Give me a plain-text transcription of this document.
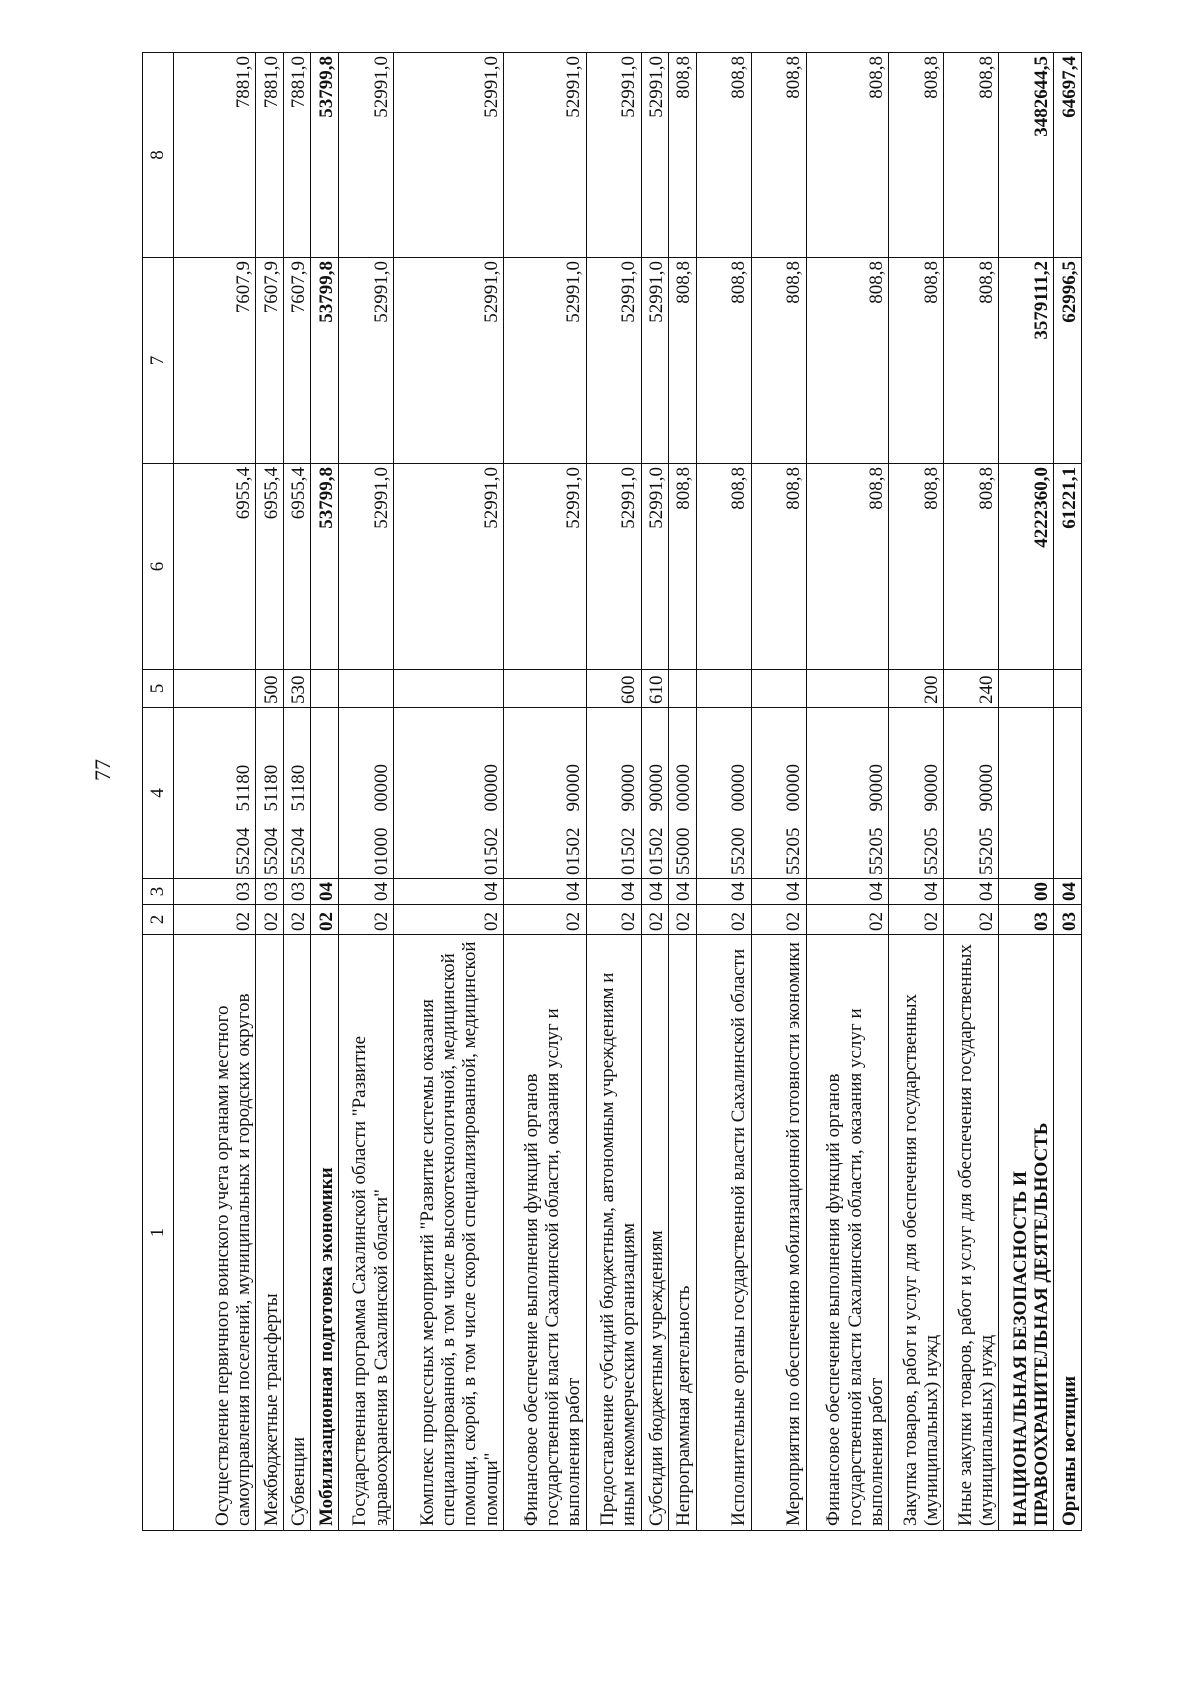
77
1	2	3	4	5	6	7	8
Осуществление первичного воинского учета органами местного самоуправления поселений, муниципальных и городских округов	02	03	5520451180		6955,4	7607,9	7881,0
Межбюджетные трансферты	02	03	5520451180	500	6955,4	7607,9	7881,0
Субвенции	02	03	5520451180	530	6955,4	7607,9	7881,0
Мобилизационная подготовка экономики	02	04			53799,8	53799,8	53799,8
Государственная программа Сахалинской области "Развитие здравоохранения в Сахалинской области"	02	04	0100000000		52991,0	52991,0	52991,0
Комплекс процессных мероприятий "Развитие системы оказания специализированной, в том числе высокотехнологичной, медицинской помощи, скорой, в том числе скорой специализированной, медицинской помощи"	02	04	0150200000		52991,0	52991,0	52991,0
Финансовое обеспечение выполнения функций органов государственной власти Сахалинской области, оказания услуг и выполнения работ	02	04	0150290000		52991,0	52991,0	52991,0
Предоставление субсидий бюджетным, автономным учреждениям и иным некоммерческим организациям	02	04	0150290000	600	52991,0	52991,0	52991,0
Субсидии бюджетным учреждениям	02	04	0150290000	610	52991,0	52991,0	52991,0
Непрограммная деятельность	02	04	5500000000		808,8	808,8	808,8
Исполнительные органы государственной власти Сахалинской области	02	04	5520000000		808,8	808,8	808,8
Мероприятия по обеспечению мобилизационной готовности экономики	02	04	5520500000		808,8	808,8	808,8
Финансовое обеспечение выполнения функций органов государственной власти Сахалинской области, оказания услуг и выполнения работ	02	04	5520590000		808,8	808,8	808,8
Закупка товаров, работ и услуг для обеспечения государственных (муниципальных) нужд	02	04	5520590000	200	808,8	808,8	808,8
Иные закупки товаров, работ и услуг для обеспечения государственных (муниципальных) нужд	02	04	5520590000	240	808,8	808,8	808,8
НАЦИОНАЛЬНАЯ БЕЗОПАСНОСТЬ И ПРАВООХРАНИТЕЛЬНАЯ ДЕЯТЕЛЬНОСТЬ	03	00			4222360,0	3579111,2	3482644,5
Органы юстиции	03	04			61221,1	62996,5	64697,4
